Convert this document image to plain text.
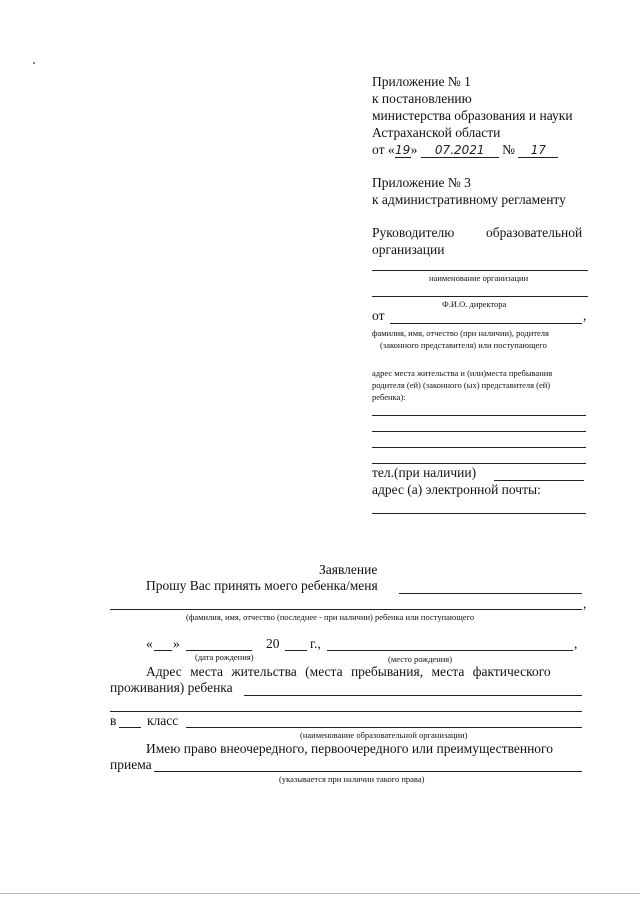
Приложение № 1
к постановлению
министерства образования и науки
Астраханской области
от «19» 07.2021 № 17
Приложение № 3
к административному регламенту
Руководителю образовательной
организации
наименование организации
Ф.И.О. директора
от	,
фамилия, имя, отчество (при наличии), родителя
(законного представителя) или поступающего
адрес места жительства и (или)места пребывания
родителя (ей) (законного (ых) представителя (ей)
ребенка):
тел.(при наличии)
адрес (а) электронной почты:
Заявление
Прошу Вас принять моего ребенка/меня
,
(фамилия, имя, отчество (последнее - при наличии) ребенка или поступающего
« »	20 г.,	,
(дата рождения)	(место рождения)
Адрес места жительства (места пребывания, места фактического
проживания) ребенка
в класс
(наименование образовательной организации)
Имею право внеочередного, первоочередного или преимущественного
приема
(указывается при наличии такого права)
